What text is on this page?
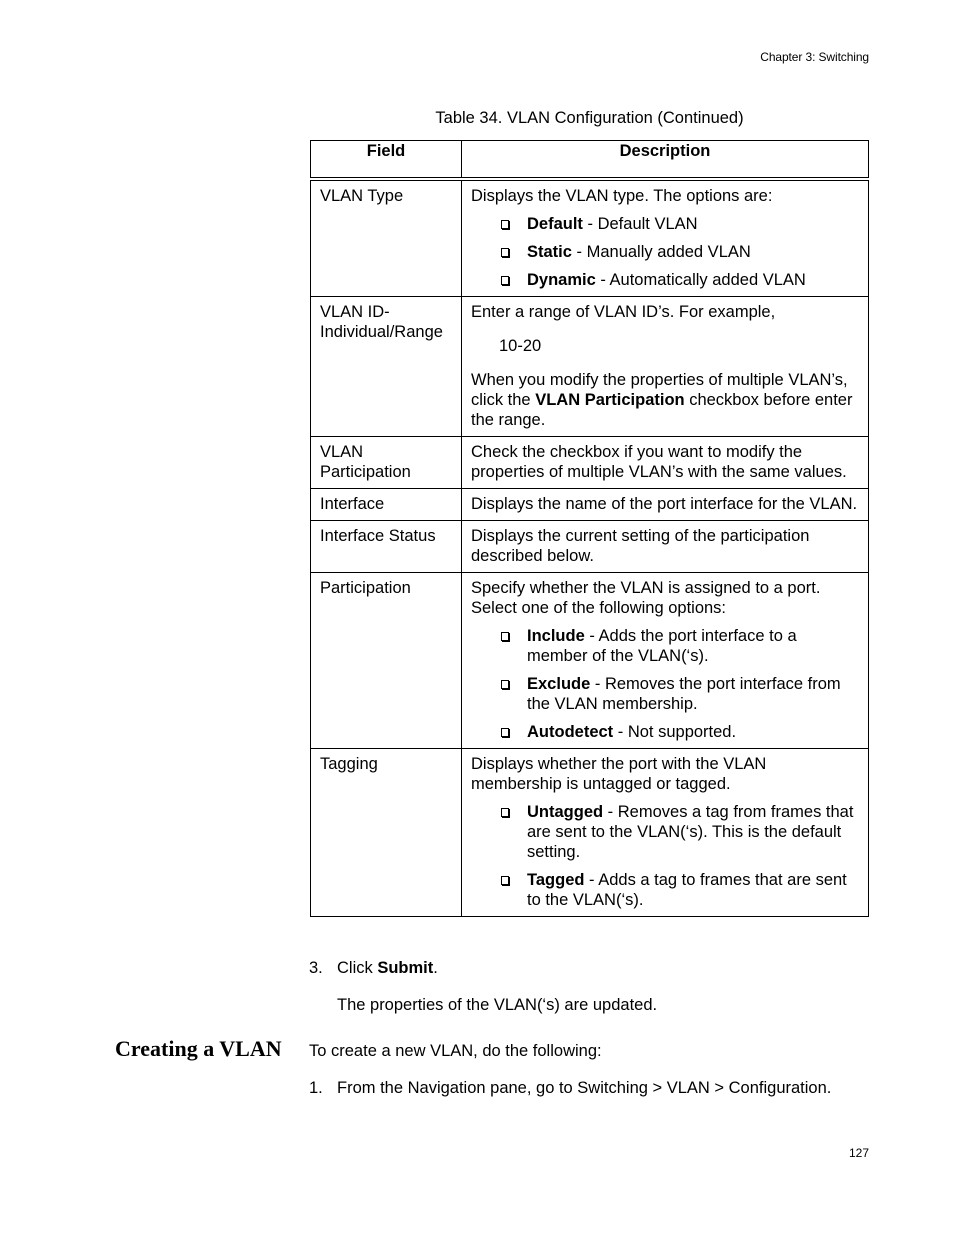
Chapter 3: Switching
Table 34. VLAN Configuration (Continued)
Field	Description
VLAN Type	Displays the VLAN type. The options are:
Default - Default VLAN
Static - Manually added VLAN
Dynamic - Automatically added VLAN

VLAN ID-Individual/Range	Enter a range of VLAN ID’s. For example,
10-20
When you modify the properties of multiple VLAN’s, click the VLAN Participation checkbox before enter the range.

VLAN Participation	Check the checkbox if you want to modify the properties of multiple VLAN’s with the same values.
Interface	Displays the name of the port interface for the VLAN.
Interface Status	Displays the current setting of the participation described below.
Participation	Specify whether the VLAN is assigned to a port. Select one of the following options:
Include - Adds the port interface to a member of the VLAN(‘s).
Exclude - Removes the port interface from the VLAN membership.
Autodetect - Not supported.

Tagging	Displays whether the port with the VLAN membership is untagged or tagged.
Untagged - Removes a tag from frames that are sent to the VLAN(‘s). This is the default setting.
Tagged - Adds a tag to frames that are sent to the VLAN(‘s).
3. Click Submit.
The properties of the VLAN(‘s) are updated.
Creating a VLAN To create a new VLAN, do the following:
1. From the Navigation pane, go to Switching > VLAN > Configuration.
127
